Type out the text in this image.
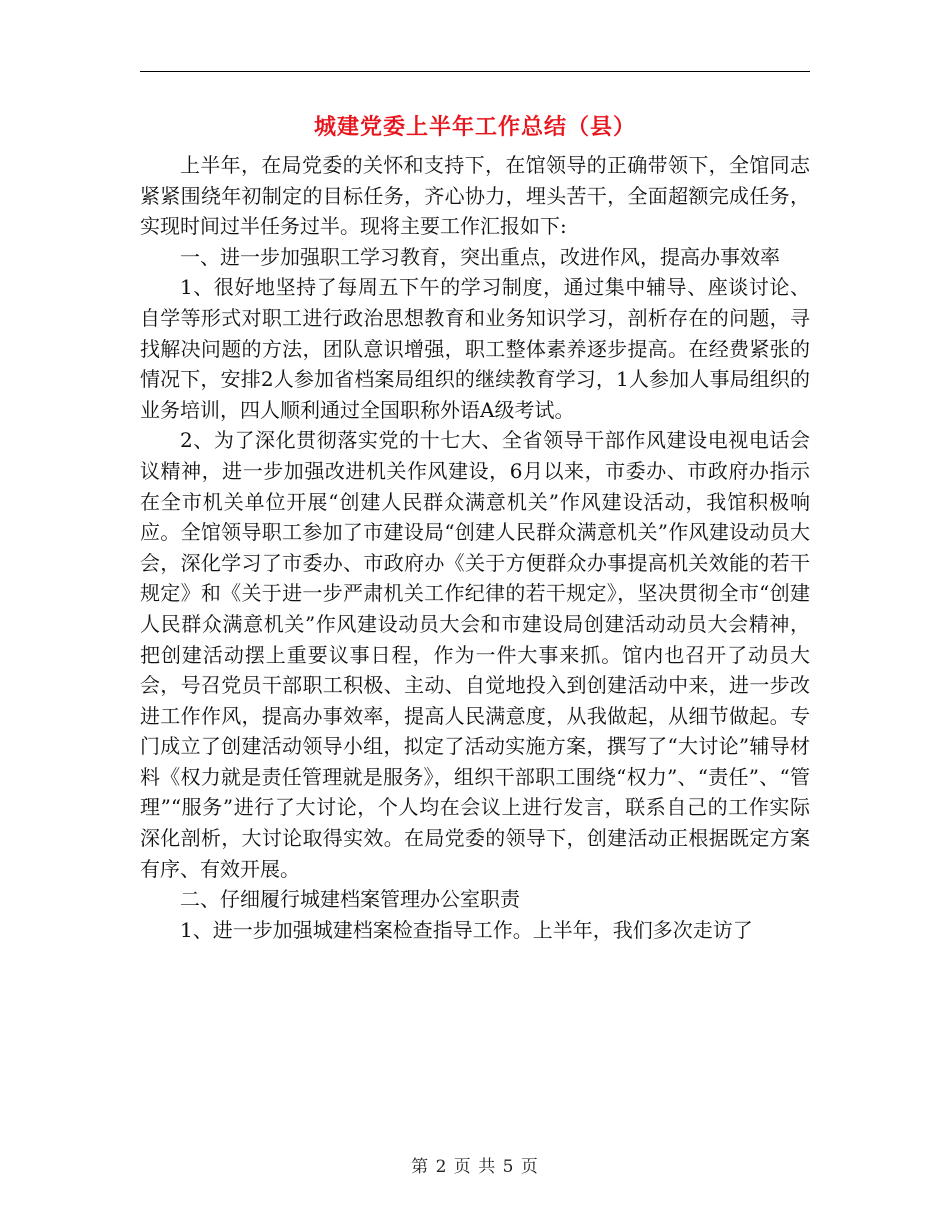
城建党委上半年工作总结（县）

上半年，在局党委的关怀和支持下，在馆领导的正确带领下，全馆同志紧紧围绕年初制定的目标任务，齐心协力，埋头苦干，全面超额完成任务，实现时间过半任务过半。现将主要工作汇报如下:

一、进一步加强职工学习教育，突出重点，改进作风，提高办事效率

1、很好地坚持了每周五下午的学习制度，通过集中辅导、座谈讨论、自学等形式对职工进行政治思想教育和业务知识学习，剖析存在的问题，寻找解决问题的方法，团队意识增强，职工整体素养逐步提高。在经费紧张的情况下，安排2人参加省档案局组织的继续教育学习，1人参加人事局组织的业务培训，四人顺利通过全国职称外语A级考试。

2、为了深化贯彻落实党的十七大、全省领导干部作风建设电视电话会议精神，进一步加强改进机关作风建设，6月以来，市委办、市政府办指示在全市机关单位开展“创建人民群众满意机关”作风建设活动，我馆积极响应。全馆领导职工参加了市建设局“创建人民群众满意机关”作风建设动员大会，深化学习了市委办、市政府办《关于方便群众办事提高机关效能的若干规定》和《关于进一步严肃机关工作纪律的若干规定》，坚决贯彻全市“创建人民群众满意机关”作风建设动员大会和市建设局创建活动动员大会精神，把创建活动摆上重要议事日程，作为一件大事来抓。馆内也召开了动员大会，号召党员干部职工积极、主动、自觉地投入到创建活动中来，进一步改进工作作风，提高办事效率，提高人民满意度，从我做起，从细节做起。专门成立了创建活动领导小组，拟定了活动实施方案，撰写了“大讨论”辅导材料《权力就是责任管理就是服务》，组织干部职工围绕“权力”、“责任”、“管理”“服务”进行了大讨论，个人均在会议上进行发言，联系自己的工作实际深化剖析，大讨论取得实效。在局党委的领导下，创建活动正根据既定方案有序、有效开展。

二、仔细履行城建档案管理办公室职责

1、进一步加强城建档案检查指导工作。上半年，我们多次走访了

第 2 页 共 5 页
